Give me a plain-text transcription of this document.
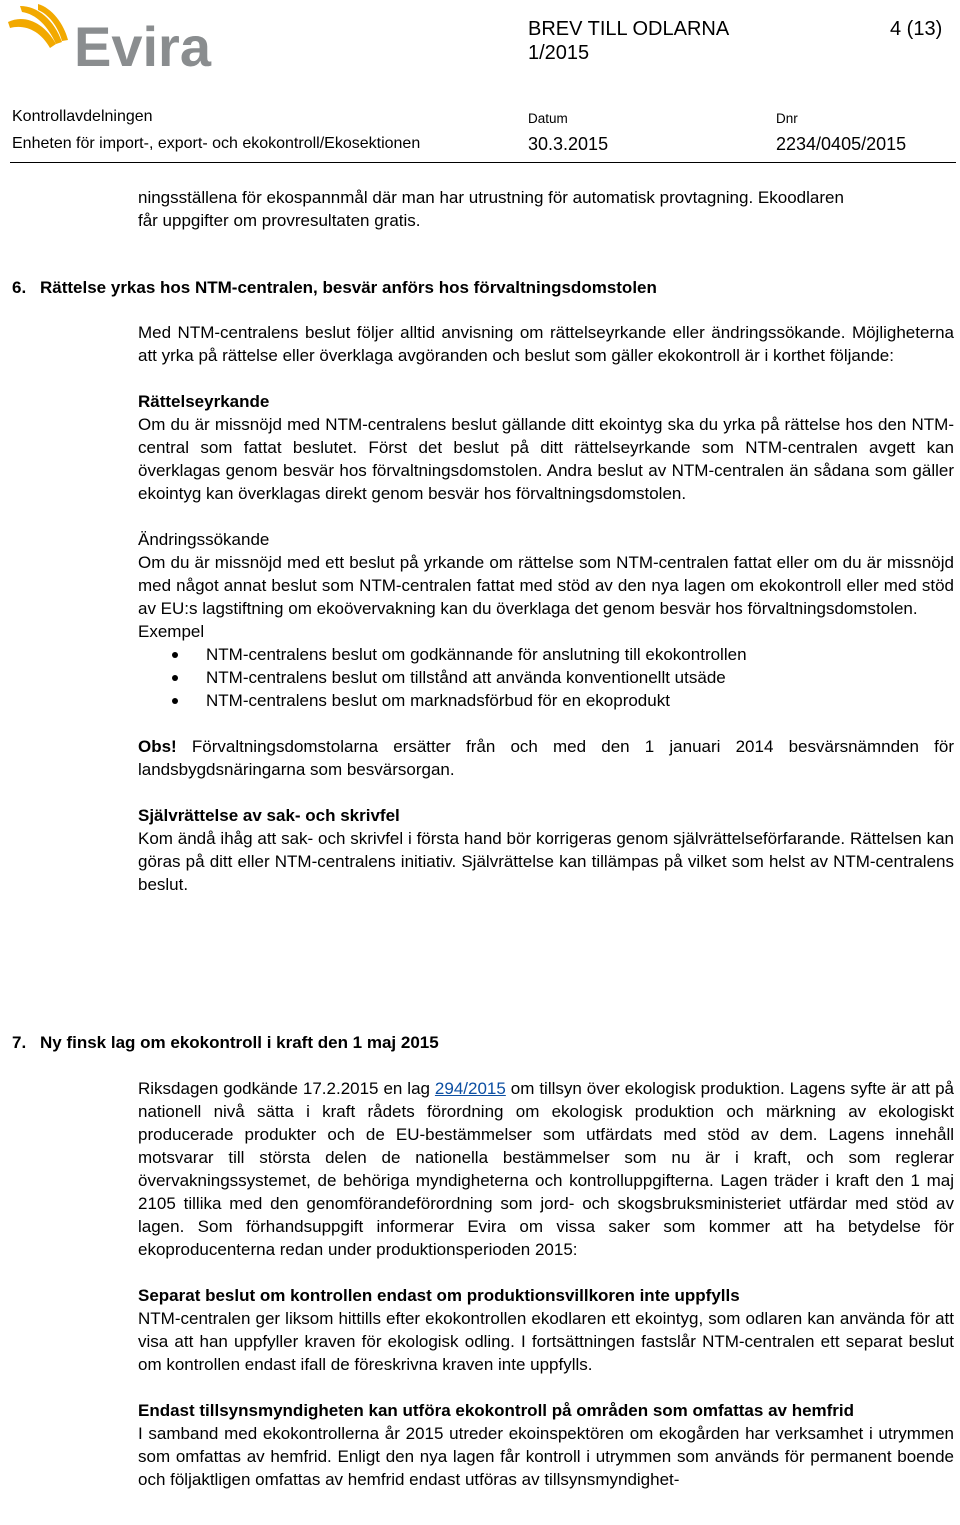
Evira	BREV TILL ODLARNA
1/2015
4 (13)
Kontrollavdelningen
Enheten för import-, export- och ekokontroll/Ekosektionen
Datum
30.3.2015
Dnr
2234/0405/2015
ningsställena för ekospannmål där man har utrustning för automatisk provtagning. Ekoodlaren
får uppgifter om provresultaten gratis.
6. Rättelse yrkas hos NTM-centralen, besvär anförs hos förvaltningsdomstolen

Med NTM-centralens beslut följer alltid anvisning om rättelseyrkande eller ändringssökande. Möjligheterna att yrka på rättelse eller överklaga avgöranden och beslut som gäller ekokontroll är i korthet följande:

Rättelseyrkande

Om du är missnöjd med NTM-centralens beslut gällande ditt ekointyg ska du yrka på rättelse hos den NTM-central som fattat beslutet. Först det beslut på ditt rättelseyrkande som NTM-centralen avgett kan överklagas genom besvär hos förvaltningsdomstolen. Andra beslut av NTM-centralen än sådana som gäller ekointyg kan överklagas direkt genom besvär hos förvaltningsdomstolen.

Ändringssökande

Om du är missnöjd med ett beslut på yrkande om rättelse som NTM-centralen fattat eller om du är missnöjd med något annat beslut som NTM-centralen fattat med stöd av den nya lagen om ekokontroll eller med stöd av EU:s lagstiftning om ekoövervakning kan du överklaga det genom besvär hos förvaltningsdomstolen.

Exempel
NTM-centralens beslut om godkännande för anslutning till ekokontrollen
NTM-centralens beslut om tillstånd att använda konventionellt utsäde
NTM-centralens beslut om marknadsförbud för en ekoprodukt

Obs! Förvaltningsdomstolarna ersätter från och med den 1 januari 2014 besvärsnämnden för landsbygdsnäringarna som besvärsorgan.

Självrättelse av sak- och skrivfel

Kom ändå ihåg att sak- och skrivfel i första hand bör korrigeras genom självrättelseförfarande. Rättelsen kan göras på ditt eller NTM-centralens initiativ. Självrättelse kan tillämpas på vilket som helst av NTM-centralens beslut.

7. Ny finsk lag om ekokontroll i kraft den 1 maj 2015

Riksdagen godkände 17.2.2015 en lag 294/2015 om tillsyn över ekologisk produktion. Lagens syfte är att på nationell nivå sätta i kraft rådets förordning om ekologisk produktion och märkning av ekologiskt producerade produkter och de EU-bestämmelser som utfärdats med stöd av dem. Lagens innehåll motsvarar till största delen de nationella bestämmelser som nu är i kraft, och som reglerar övervakningssystemet, de behöriga myndigheterna och kontrolluppgifterna. Lagen träder i kraft den 1 maj 2105 tillika med den genomförandeförordning som jord- och skogsbruksministeriet utfärdar med stöd av lagen. Som förhandsuppgift informerar Evira om vissa saker som kommer att ha betydelse för ekoproducenterna redan under produktionsperioden 2015:

Separat beslut om kontrollen endast om produktionsvillkoren inte uppfylls

NTM-centralen ger liksom hittills efter ekokontrollen ekodlaren ett ekointyg, som odlaren kan använda för att visa att han uppfyller kraven för ekologisk odling. I fortsättningen fastslår NTM-centralen ett separat beslut om kontrollen endast ifall de föreskrivna kraven inte uppfylls.

Endast tillsynsmyndigheten kan utföra ekokontroll på områden som omfattas av hemfrid

I samband med ekokontrollerna år 2015 utreder ekoinspektören om ekogården har verksamhet i utrymmen som omfattas av hemfrid. Enligt den nya lagen får kontroll i utrymmen som används för permanent boende och följaktligen omfattas av hemfrid endast utföras av tillsynsmyndighet-
